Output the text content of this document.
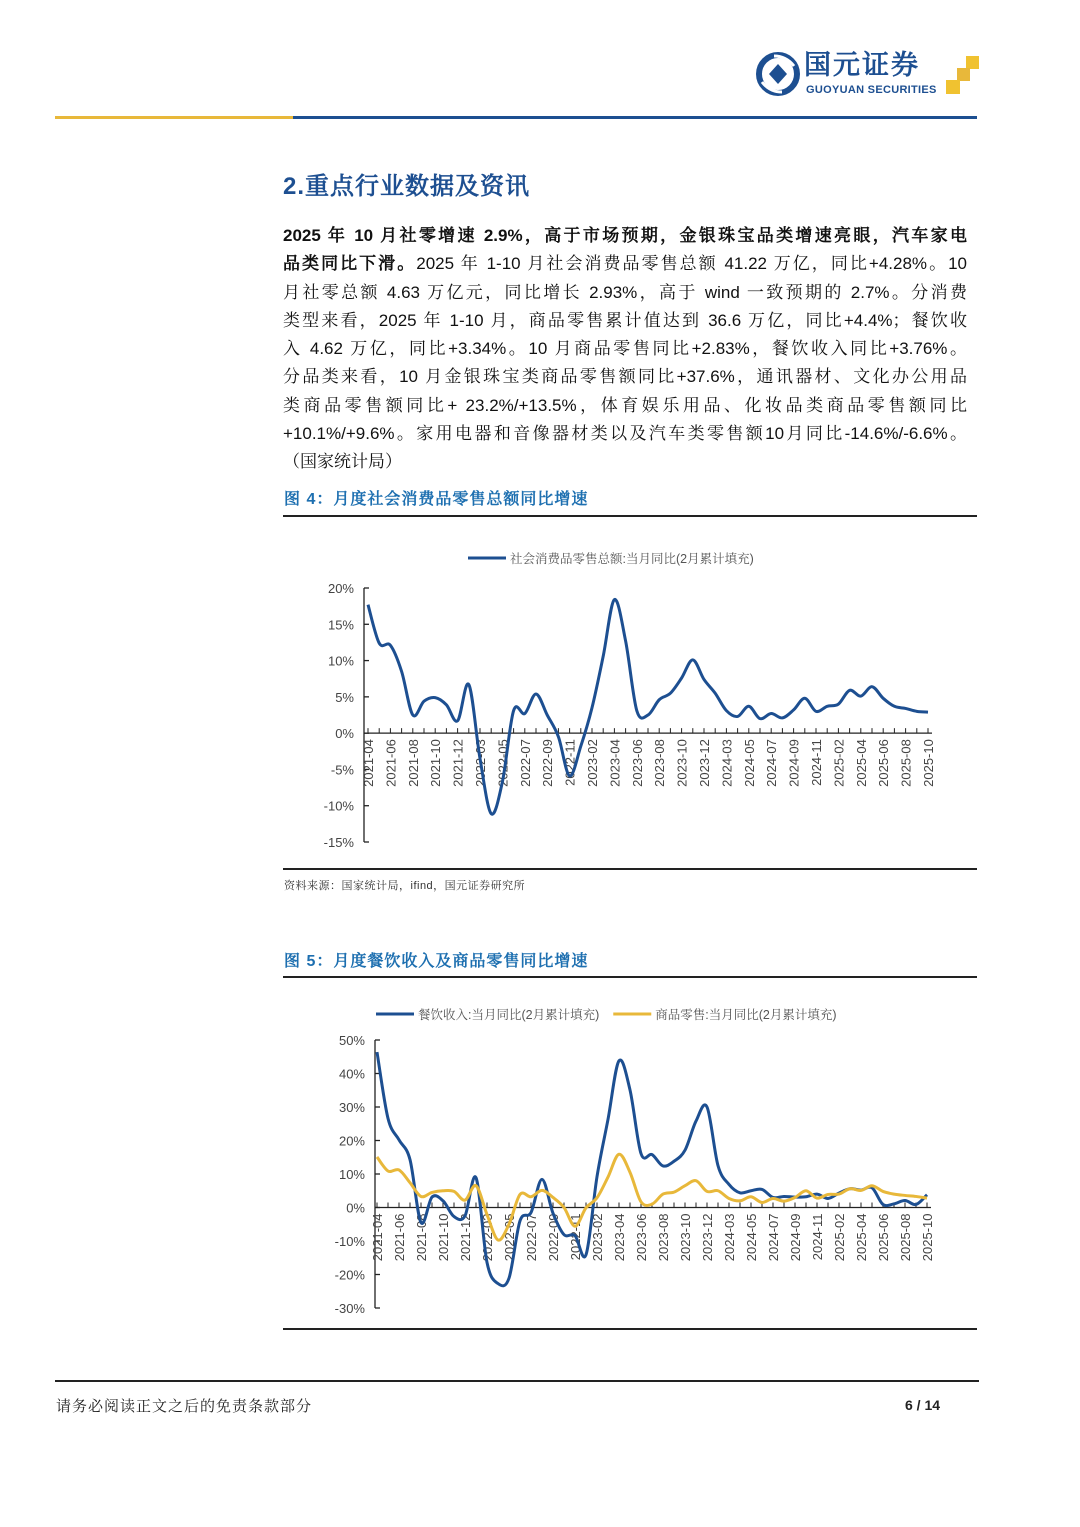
国元证券
GUOYUAN SECURITIES
2.重点行业数据及资讯
2025 年 10 月社零增速 2.9%，高于市场预期，金银珠宝品类增速亮眼，汽车家电
品类同比下滑。2025 年 1-10 月社会消费品零售总额 41.22 万亿，同比+4.28%。10
月社零总额 4.63 万亿元，同比增长 2.93%，高于 wind 一致预期的 2.7%。分消费
类型来看，2025 年 1-10 月，商品零售累计值达到 36.6 万亿，同比+4.4%；餐饮收
入 4.62 万亿，同比+3.34%。10 月商品零售同比+2.83%，餐饮收入同比+3.76%。
分品类来看，10 月金银珠宝类商品零售额同比+37.6%，通讯器材、文化办公用品
类商品零售额同比+ 23.2%/+13.5%，体育娱乐用品、化妆品类商品零售额同比
+10.1%/+9.6%。家用电器和音像器材类以及汽车类零售额10月同比-14.6%/-6.6%。
（国家统计局）
图 4：月度社会消费品零售总额同比增速
20%
15%
10%
5%
0%
-5%
-10%
-15%
2021-04 2021-06 2021-08 2021-10 2021-12 2022-03 2022-05 2022-07 2022-09 2022-11 2023-02 2023-04 2023-06 2023-08 2023-10 2023-12 2024-03 2024-05 2024-07 2024-09 2024-11 2025-02 2025-04 2025-06 2025-08 2025-10
社会消费品零售总额:当月同比(2月累计填充)
资料来源：国家统计局，ifind，国元证券研究所
图 5：月度餐饮收入及商品零售同比增速
50%
40%
30%
20%
10%
0%
-10%
-20%
-30%
2021-04 2021-06 2021-08 2021-10 2021-12 2022-03 2022-05 2022-07 2022-09 2022-11 2023-02 2023-04 2023-06 2023-08 2023-10 2023-12 2024-03 2024-05 2024-07 2024-09 2024-11 2025-02 2025-04 2025-06 2025-08 2025-10
餐饮收入:当月同比(2月累计填充)	商品零售:当月同比(2月累计填充)
请务必阅读正文之后的免责条款部分	6 / 14
